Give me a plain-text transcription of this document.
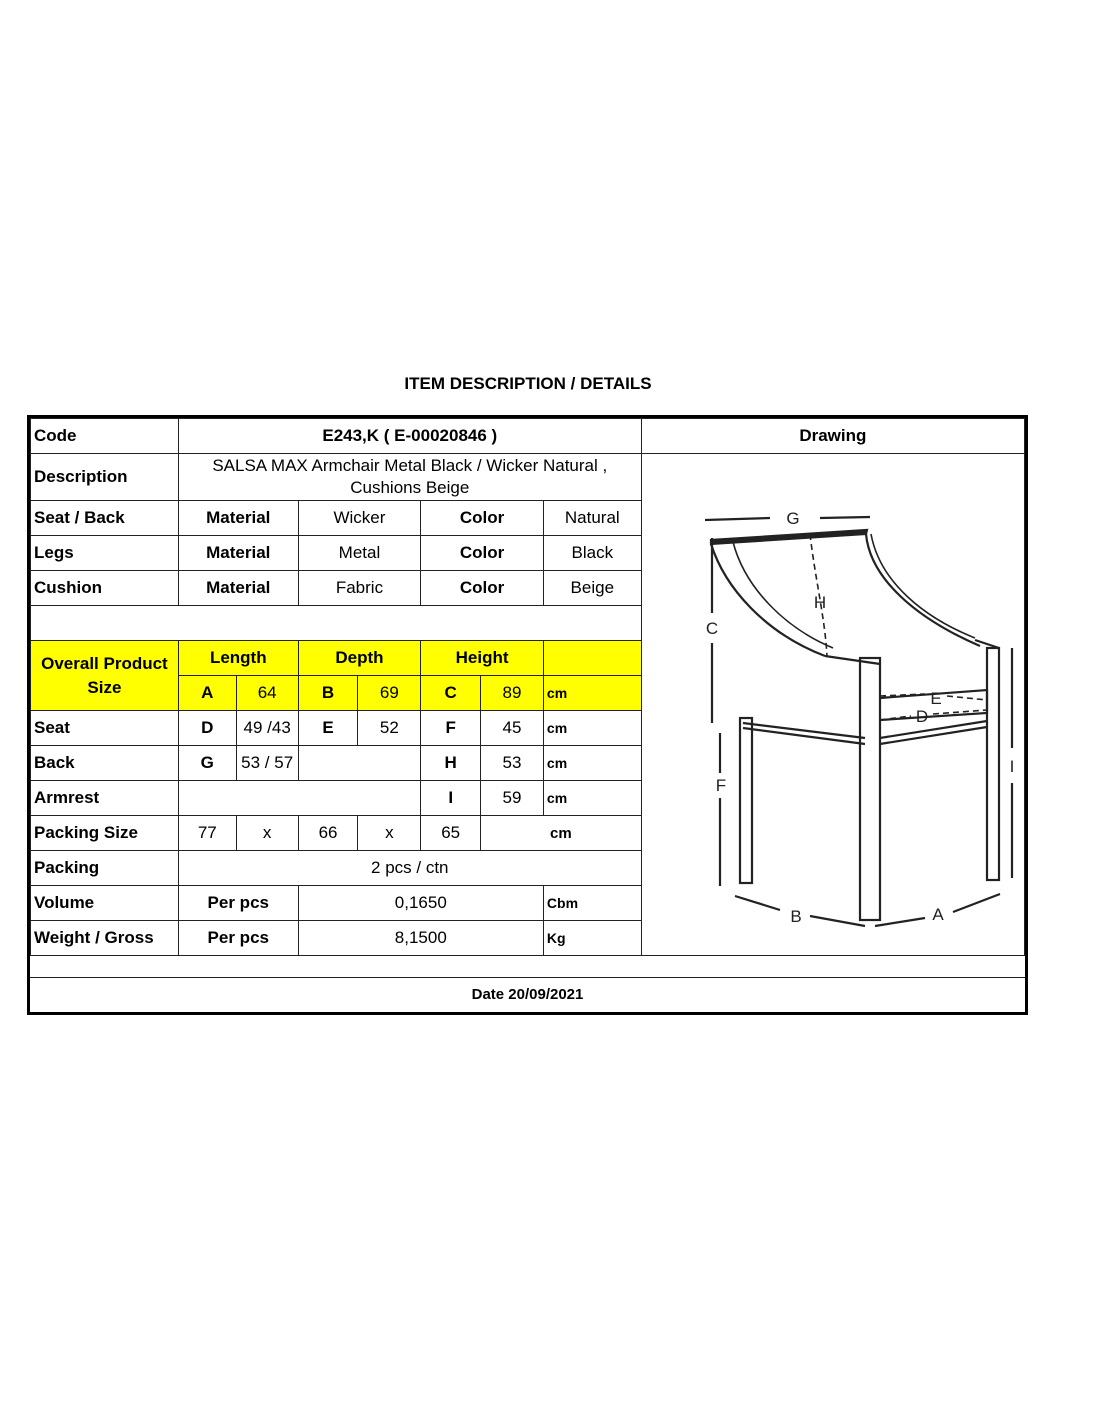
ITEM DESCRIPTION / DETAILS
Code	E243,K ( E-00020846 )							Drawing
Description	SALSA MAX Armchair Metal Black / Wicker Natural , Cushions Beige							
Seat / Back	Material		Wicker		Color		Natural	
Legs	Material		Metal		Color		Black	
Cushion	Material		Fabric		Color		Beige	

Overall Product Size	Length		Depth		Height			
	A	64	B	69	C	89	cm	
Seat	D	49 /43	E	52	F	45	cm	
Back	G	53 / 57			H	53	cm	
Armrest					I	59	cm	
Packing Size	77	x	66	x	65	cm		
Packing	2 pcs / ctn							
Volume	Per pcs		0,1650				Cbm	
Weight / Gross	Per pcs		8,1500				Kg	
G
H
C
E
D
F
I
B	A
Date 20/09/2021
